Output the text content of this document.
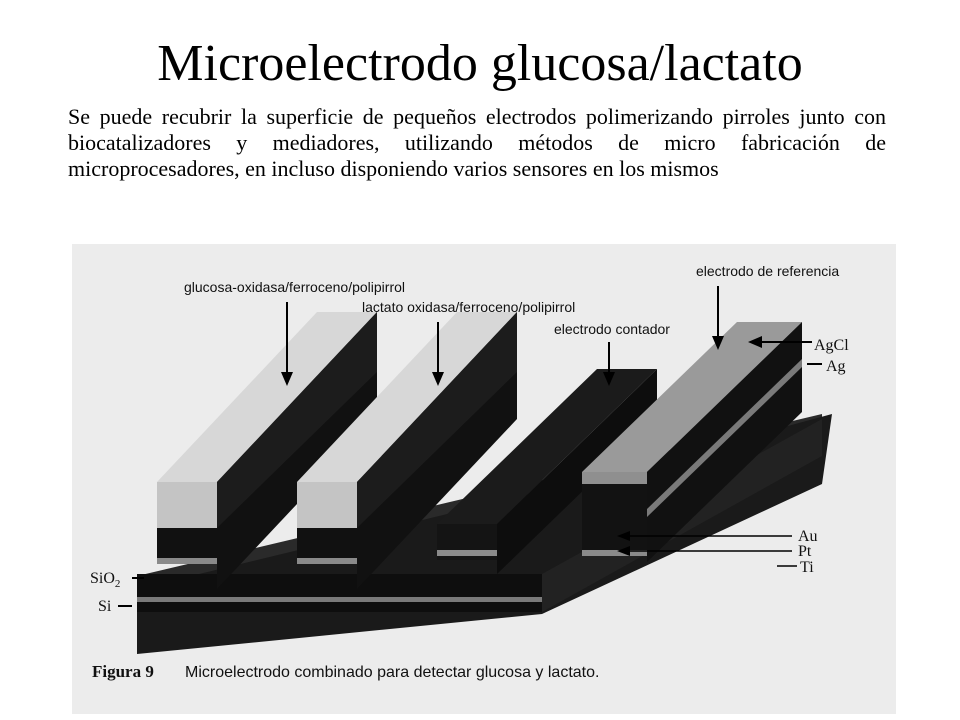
Microelectrodo glucosa/lactato
Se puede recubrir la superficie de pequeños electrodos polimerizando pirroles junto con biocatalizadores y mediadores, utilizando métodos de micro fabricación de microprocesadores, en incluso disponiendo varios sensores en los mismos
glucosa-oxidasa/ferroceno/polipirrol
lactato oxidasa/ferroceno/polipirrol
electrodo contador
electrodo de referencia
AgCl
Ag
Au
Pt
Ti
SiO$_2$
Si
Figura 9 Microelectrodo combinado para detectar glucosa y lactato.
